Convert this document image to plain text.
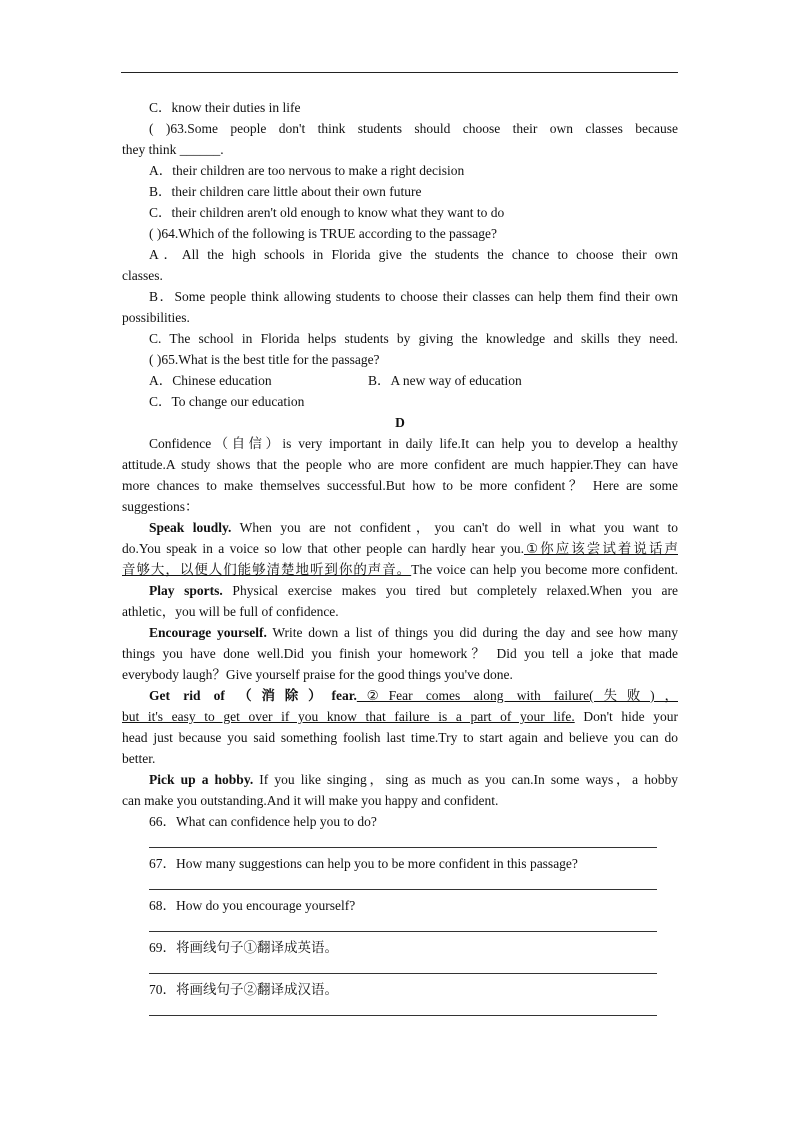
C．know their duties in life
( )63.Some people don't think students should choose their own classes because
they think ______.
A．their children are too nervous to make a right decision
B．their children care little about their own future
C．their children aren't old enough to know what they want to do
( )64.Which of the following is TRUE according to the passage?
A．All the high schools in Florida give the students the chance to choose their own
classes.
B．Some people think allowing students to choose their classes can help them find their own
possibilities.
C. The school in Florida helps students by giving the knowledge and skills they need.
( )65.What is the best title for the passage?
A．Chinese education	B．A new way of education
C．To change our education
D
Confidence（自信）is very important in daily life.It can help you to develop a healthy
attitude.A study shows that the people who are more confident are much happier.They can have
more chances to make themselves successful.But how to be more confident？ Here are some
suggestions：
Speak loudly. When you are not confident，you can't do well in what you want to
do.You speak in a voice so low that other people can hardly hear you.①你应该尝试着说话声
音够大，以便人们能够清楚地听到你的声音。The voice can help you become more confident.
Play sports. Physical exercise makes you tired but completely relaxed.When you are
athletic，you will be full of confidence.
Encourage yourself. Write down a list of things you did during the day and see how many
things you have done well.Did you finish your homework？ Did you tell a joke that made
everybody laugh？Give yourself praise for the good things you've done.
Get rid of （消除）fear.②Fear comes along with failure(失败)，
but it's easy to get over if you know that failure is a part of your life. Don't hide your
head just because you said something foolish last time.Try to start again and believe you can do
better.
Pick up a hobby. If you like singing，sing as much as you can.In some ways，a hobby
can make you outstanding.And it will make you happy and confident.
66．What can confidence help you to do?
67．How many suggestions can help you to be more confident in this passage?
68．How do you encourage yourself?
69．将画线句子①翻译成英语。
70．将画线句子②翻译成汉语。
